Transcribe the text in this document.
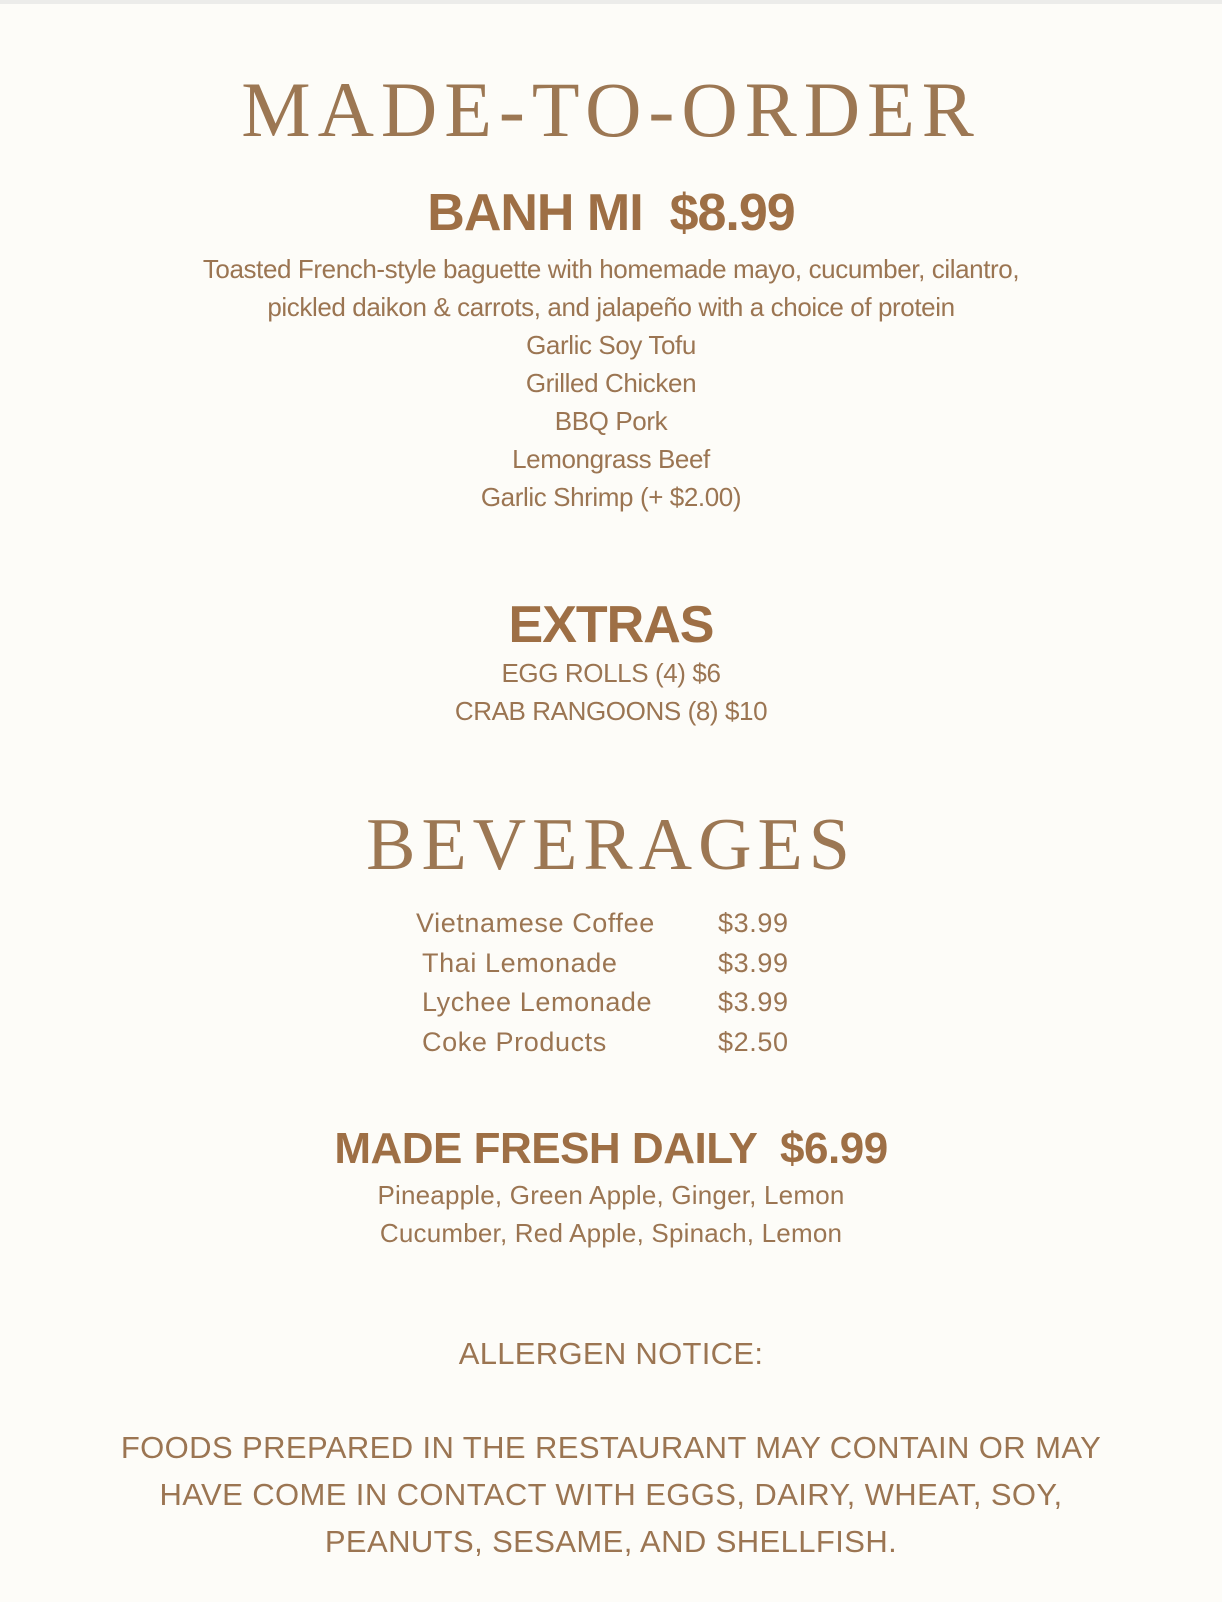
MADE-TO-ORDER
BANH MI  $8.99
Toasted French-style baguette with homemade mayo, cucumber, cilantro,
pickled daikon & carrots, and jalapeño with a choice of protein
Garlic Soy Tofu
Grilled Chicken
BBQ Pork
Lemongrass Beef
Garlic Shrimp (+ $2.00)
EXTRAS
EGG ROLLS (4) $6
CRAB RANGOONS (8) $10
BEVERAGES
Vietnamese Coffee $3.99
Thai Lemonade	$3.99
Lychee Lemonade $3.99
Coke Products	$2.50
MADE FRESH DAILY  $6.99
Pineapple, Green Apple, Ginger, Lemon
Cucumber, Red Apple, Spinach, Lemon
ALLERGEN NOTICE:
FOODS PREPARED IN THE RESTAURANT MAY CONTAIN OR MAY
HAVE COME IN CONTACT WITH EGGS, DAIRY, WHEAT, SOY,
PEANUTS, SESAME, AND SHELLFISH.
